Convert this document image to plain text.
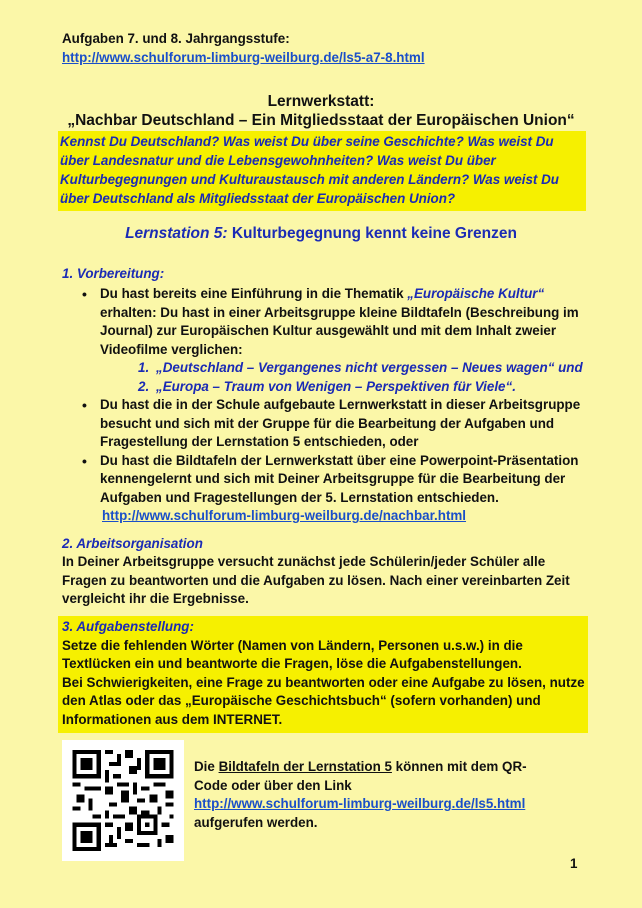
Aufgaben 7. und 8. Jahrgangsstufe:
http://www.schulforum-limburg-weilburg.de/ls5-a7-8.html
Lernwerkstatt:
„Nachbar Deutschland – Ein Mitgliedsstaat der Europäischen Union“
Kennst Du Deutschland? Was weist Du über seine Geschichte? Was weist Du über Landesnatur und die Lebensgewohnheiten? Was weist Du über Kulturbegegnungen und Kulturaustausch mit anderen Ländern? Was weist Du über Deutschland als Mitgliedsstaat der Europäischen Union?
Lernstation 5: Kulturbegegnung kennt keine Grenzen
1. Vorbereitung:
• Du hast bereits eine Einführung in die Thematik „Europäische Kultur“ erhalten: Du hast in einer Arbeitsgruppe kleine Bildtafeln (Beschreibung im Journal) zur Europäischen Kultur ausgewählt und mit dem Inhalt zweier Videofilme verglichen:
1. „Deutschland – Vergangenes nicht vergessen – Neues wagen“ und
2. „Europa – Traum von Wenigen – Perspektiven für Viele“.
• Du hast die in der Schule aufgebaute Lernwerkstatt in dieser Arbeitsgruppe besucht und sich mit der Gruppe für die Bearbeitung der Aufgaben und Fragestellung der Lernstation 5 entschieden, oder
• Du hast die Bildtafeln der Lernwerkstatt über eine Powerpoint-Präsentation kennengelernt und sich mit Deiner Arbeitsgruppe für die Bearbeitung der Aufgaben und Fragestellungen der 5. Lernstation entschieden.
http://www.schulforum-limburg-weilburg.de/nachbar.html
2. Arbeitsorganisation
In Deiner Arbeitsgruppe versucht zunächst jede Schülerin/jeder Schüler alle Fragen zu beantworten und die Aufgaben zu lösen. Nach einer vereinbarten Zeit vergleicht ihr die Ergebnisse.
3. Aufgabenstellung:
Setze die fehlenden Wörter (Namen von Ländern, Personen u.s.w.) in die Textlücken ein und beantworte die Fragen, löse die Aufgabenstellungen.
Bei Schwierigkeiten, eine Frage zu beantworten oder eine Aufgabe zu lösen, nutze den Atlas oder das „Europäische Geschichtsbuch“ (sofern vorhanden) und Informationen aus dem INTERNET.
Die Bildtafeln der Lernstation 5 können mit dem QR-Code oder über den Link
http://www.schulforum-limburg-weilburg.de/ls5.html
aufgerufen werden.
1
